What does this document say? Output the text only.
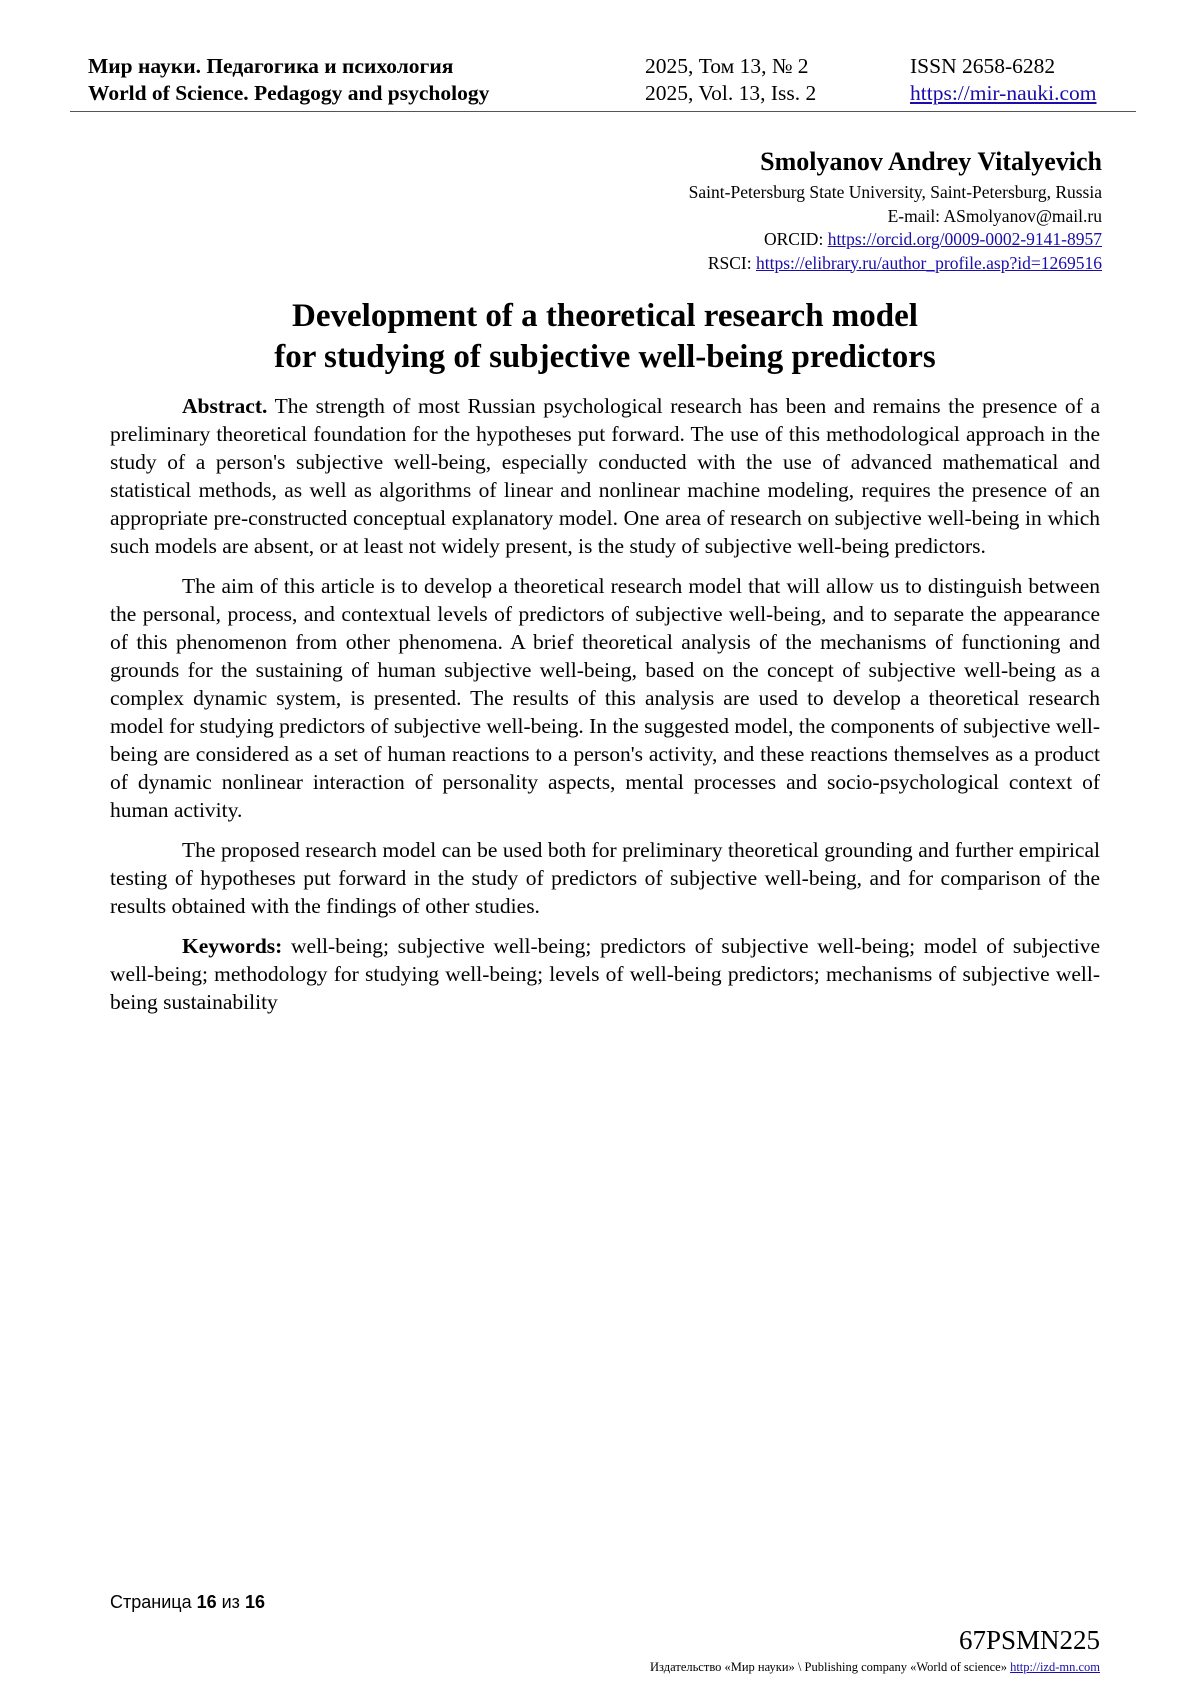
Мир науки. Педагогика и психология	2025, Том 13, № 2	ISSN 2658-6282
World of Science. Pedagogy and psychology	2025, Vol. 13, Iss. 2	https://mir-nauki.com
Smolyanov Andrey Vitalyevich
Saint-Petersburg State University, Saint-Petersburg, Russia
E-mail: ASmolyanov@mail.ru
ORCID: https://orcid.org/0009-0002-9141-8957
RSCI: https://elibrary.ru/author_profile.asp?id=1269516
Development of a theoretical research model
for studying of subjective well-being predictors

Abstract. The strength of most Russian psychological research has been and remains the presence of a preliminary theoretical foundation for the hypotheses put forward. The use of this methodological approach in the study of a person's subjective well-being, especially conducted with the use of advanced mathematical and statistical methods, as well as algorithms of linear and nonlinear machine modeling, requires the presence of an appropriate pre-constructed conceptual explanatory model. One area of research on subjective well-being in which such models are absent, or at least not widely present, is the study of subjective well-being predictors.

The aim of this article is to develop a theoretical research model that will allow us to distinguish between the personal, process, and contextual levels of predictors of subjective well-being, and to separate the appearance of this phenomenon from other phenomena. A brief theoretical analysis of the mechanisms of functioning and grounds for the sustaining of human subjective well-being, based on the concept of subjective well-being as a complex dynamic system, is presented. The results of this analysis are used to develop a theoretical research model for studying predictors of subjective well-being. In the suggested model, the components of subjective well-being are considered as a set of human reactions to a person's activity, and these reactions themselves as a product of dynamic nonlinear interaction of personality aspects, mental processes and socio-psychological context of human activity.

The proposed research model can be used both for preliminary theoretical grounding and further empirical testing of hypotheses put forward in the study of predictors of subjective well-being, and for comparison of the results obtained with the findings of other studies.

Keywords: well-being; subjective well-being; predictors of subjective well-being; model of subjective well-being; methodology for studying well-being; levels of well-being predictors; mechanisms of subjective well-being sustainability

Страница 16 из 16
67PSMN225
Издательство «Мир науки» \ Publishing company «World of science» http://izd-mn.com
